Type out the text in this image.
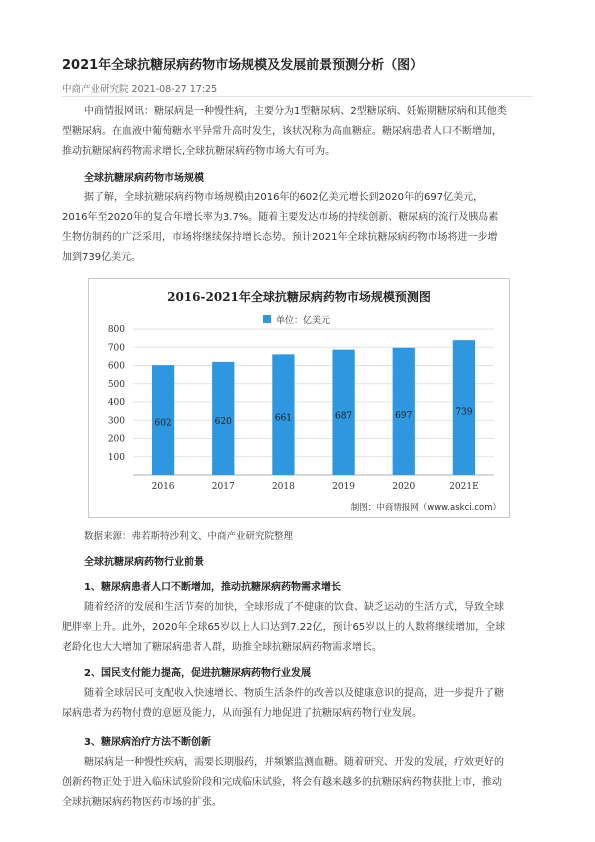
2021年全球抗糖尿病药物市场规模及发展前景预测分析（图）
中商产业研究院 2021-08-27 17:25
中商情报网讯：糖尿病是一种慢性病，主要分为1型糖尿病、2型糖尿病、妊娠期糖尿病和其他类
型糖尿病。在血液中葡萄糖水平异常升高时发生，该状况称为高血糖症。糖尿病患者人口不断增加，
推动抗糖尿病药物需求增长,全球抗糖尿病药物市场大有可为。
全球抗糖尿病药物市场规模
据了解，全球抗糖尿病药物市场规模由2016年的602亿美元增长到2020年的697亿美元，
2016年至2020年的复合年增长率为3.7%。随着主要发达市场的持续创新、糖尿病的流行及胰岛素
生物仿制药的广泛采用，市场将继续保持增长态势。预计2021年全球抗糖尿病药物市场将进一步增
加到739亿美元。
2016-2021年全球抗糖尿病药物市场规模预测图
单位：亿美元
100
200
300
400
500
600
700
800
602
2016
620
2017
661
2018
687
2019
697
2020
739
2021E
制图：中商情报网（www.askci.com）
数据来源：弗若斯特沙利文、中商产业研究院整理
全球抗糖尿病药物行业前景
1、糖尿病患者人口不断增加，推动抗糖尿病药物需求增长
随着经济的发展和生活节奏的加快，全球形成了不健康的饮食、缺乏运动的生活方式，导致全球
肥胖率上升。此外，2020年全球65岁以上人口达到7.22亿，预计65岁以上的人数将继续增加，全球
老龄化也大大增加了糖尿病患者人群，助推全球抗糖尿病药物需求增长。
2、国民支付能力提高，促进抗糖尿病药物行业发展
随着全球居民可支配收入快速增长、物质生活条件的改善以及健康意识的提高，进一步提升了糖
尿病患者为药物付费的意愿及能力，从而强有力地促进了抗糖尿病药物行业发展。
3、糖尿病治疗方法不断创新
糖尿病是一种慢性疾病，需要长期服药，并频繁监测血糖。随着研究、开发的发展，疗效更好的
创新药物正处于进入临床试验阶段和完成临床试验，将会有越来越多的抗糖尿病药物获批上市，推动
全球抗糖尿病药物医药市场的扩张。
